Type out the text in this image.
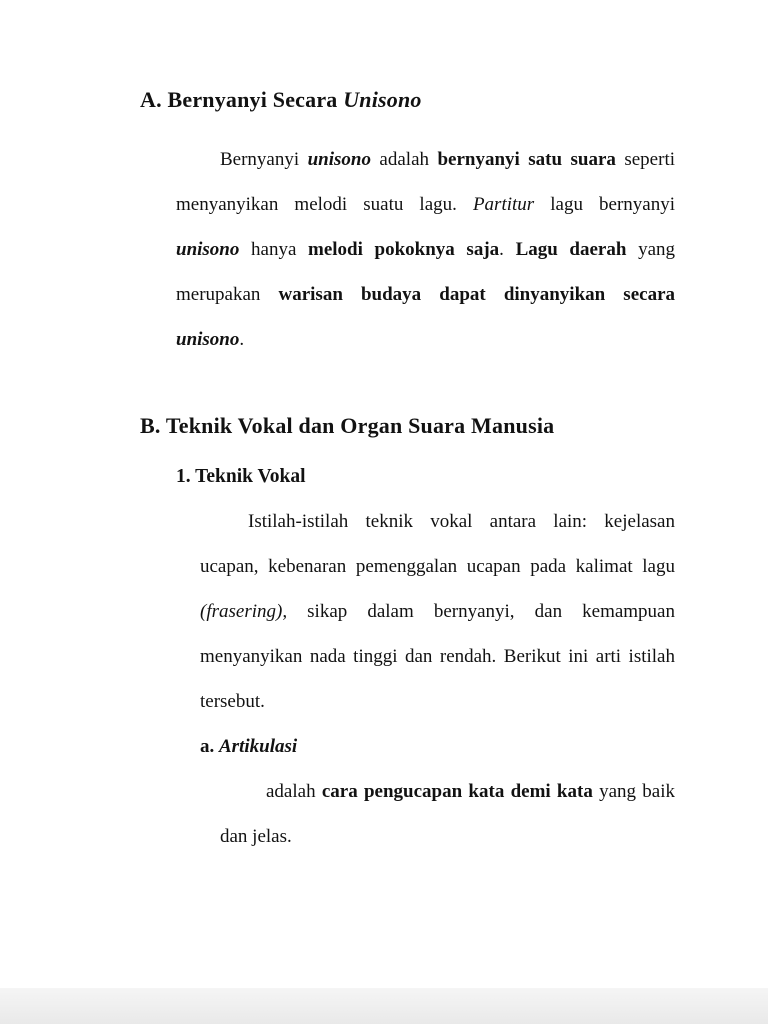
A. Bernyanyi Secara Unisono

Bernyanyi unisono adalah bernyanyi satu suara seperti menyanyikan melodi suatu lagu. Partitur lagu bernyanyi unisono hanya melodi pokoknya saja. Lagu daerah yang merupakan warisan budaya dapat dinyanyikan secara unisono.

B. Teknik Vokal dan Organ Suara Manusia
1. Teknik Vokal

Istilah-istilah teknik vokal antara lain: kejelasan ucapan, kebenaran pemenggalan ucapan pada kalimat lagu (frasering), sikap dalam bernyanyi, dan kemampuan menyanyikan nada tinggi dan rendah. Berikut ini arti istilah tersebut.

a. Artikulasi

adalah cara pengucapan kata demi kata yang baik dan jelas.
